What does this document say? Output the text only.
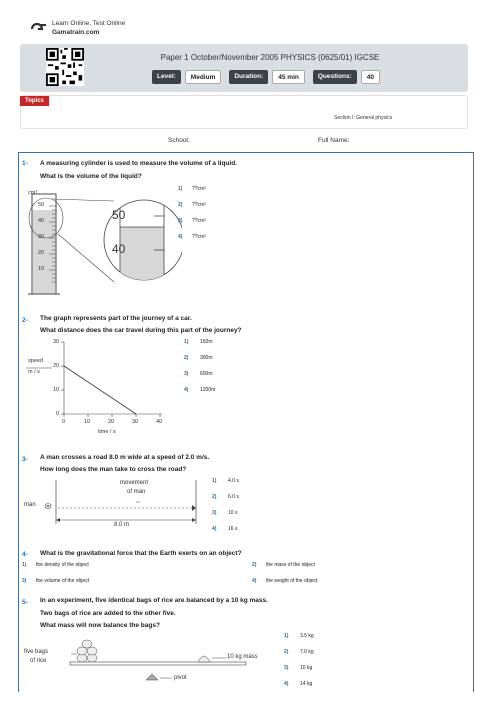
Learn Online, Test Online
Gamatrain.com
Paper 1 October/November 2005 PHYSICS (0625/01) IGCSE
Level:	Medium	Duration:	45 min	Questions:	40
Topics
Section I: General physics
School:	Full Name:
1- A measuring cylinder is used to measure the volume of a liquid.
What is the volume of the liquid?
cm³
50
40
30
20
10
50
40
1) ??cm³
2) ??cm³
3) ??cm³
4) ??cm³
2- The graph represents part of the journey of a car.
What distance does the car travel during this part of the journey?
speed
m / s
0
10
20
30
0	10	20	30	40
time / s
1) 150m
2) 300m
3) 600m
4) 1200m
3- A man crosses a road 8.0 m wide at a speed of 2.0 m/s.
How long does the man take to cross the road?
man
movement
of man
8.0 m
1) 4.0 s
2) 6.0 s
3) 10 s
4) 16 s
4- What is the gravitational force that the Earth exerts on an object?
1) the density of the object	2) the mass of the object
3) the volume of the object	4) the weight of the object
5- In an experiment, five identical bags of rice are balanced by a 10 kg mass.
Two bags of rice are added to the other five.
What mass will now balance the bags?
five bags
of rice
10 kg mass
pivot
1) 3.5 kg
2) 7.0 kg
3) 10 kg
4) 14 kg
